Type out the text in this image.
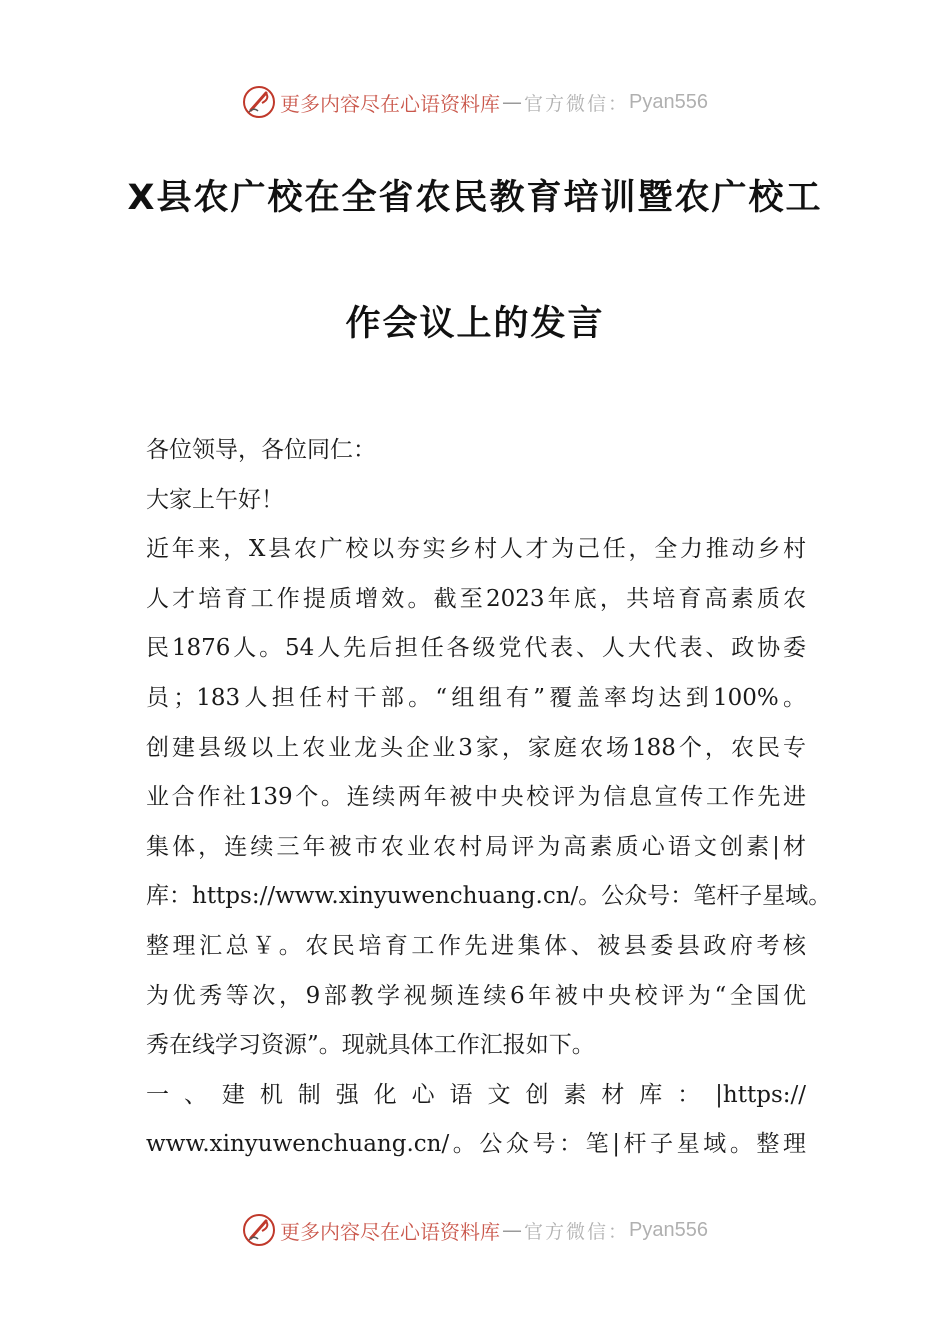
更多内容尽在心语资料库 — 官方微信： Pyan556
X县农广校在全省农民教育培训暨农广校工
作会议上的发言
各位领导，各位同仁：
大家上午好！
近年来，X县农广校以夯实乡村人才为己任，全力推动乡村
人才培育工作提质增效。截至2023年底，共培育高素质农
民1876人。54人先后担任各级党代表、人大代表、政协委
员；183人担任村干部。“组组有”覆盖率均达到100%。
创建县级以上农业龙头企业3家，家庭农场188个，农民专
业合作社139个。连续两年被中央校评为信息宣传工作先进
集体，连续三年被市农业农村局评为高素质心语文创素|材
库：https://www.xinyuwenchuang.cn/。公众号：笔杆子星域。
整理汇总￥。农民培育工作先进集体、被县委县政府考核
为优秀等次，9部教学视频连续6年被中央校评为“全国优
秀在线学习资源”。现就具体工作汇报如下。
一、建机制强化心语文创素材库：|https://
www.xinyuwenchuang.cn/。公众号：笔|杆子星域。整理
更多内容尽在心语资料库 — 官方微信： Pyan556
